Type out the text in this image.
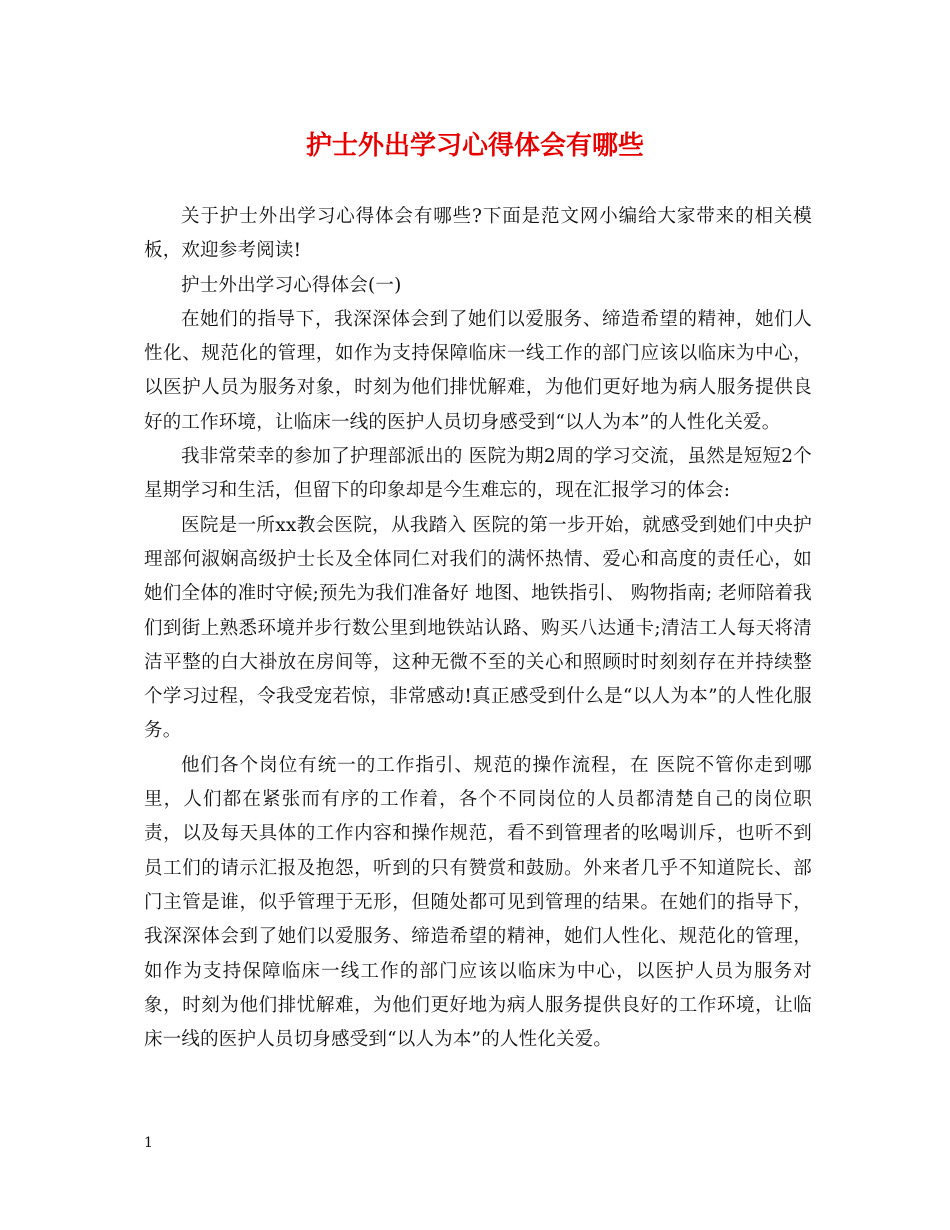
护士外出学习心得体会有哪些

关于护士外出学习心得体会有哪些?下面是范文网小编给大家带来的相关模板，欢迎参考阅读!

护士外出学习心得体会(一)

在她们的指导下，我深深体会到了她们以爱服务、缔造希望的精神，她们人性化、规范化的管理，如作为支持保障临床一线工作的部门应该以临床为中心，以医护人员为服务对象，时刻为他们排忧解难，为他们更好地为病人服务提供良好的工作环境，让临床一线的医护人员切身感受到“以人为本”的人性化关爱。

我非常荣幸的参加了护理部派出的 医院为期2周的学习交流，虽然是短短2个星期学习和生活，但留下的印象却是今生难忘的，现在汇报学习的体会:

医院是一所xx教会医院，从我踏入 医院的第一步开始，就感受到她们中央护理部何淑娴高级护士长及全体同仁对我们的满怀热情、爱心和高度的责任心，如她们全体的准时守候;预先为我们准备好 地图、地铁指引、 购物指南; 老师陪着我们到街上熟悉环境并步行数公里到地铁站认路、购买八达通卡;清洁工人每天将清洁平整的白大褂放在房间等，这种无微不至的关心和照顾时时刻刻存在并持续整个学习过程，令我受宠若惊，非常感动!真正感受到什么是“以人为本”的人性化服务。

他们各个岗位有统一的工作指引、规范的操作流程，在 医院不管你走到哪里，人们都在紧张而有序的工作着，各个不同岗位的人员都清楚自己的岗位职责，以及每天具体的工作内容和操作规范，看不到管理者的吆喝训斥，也听不到员工们的请示汇报及抱怨，听到的只有赞赏和鼓励。外来者几乎不知道院长、部门主管是谁，似乎管理于无形，但随处都可见到管理的结果。在她们的指导下，我深深体会到了她们以爱服务、缔造希望的精神，她们人性化、规范化的管理，如作为支持保障临床一线工作的部门应该以临床为中心，以医护人员为服务对象，时刻为他们排忧解难，为他们更好地为病人服务提供良好的工作环境，让临床一线的医护人员切身感受到“以人为本”的人性化关爱。

1
